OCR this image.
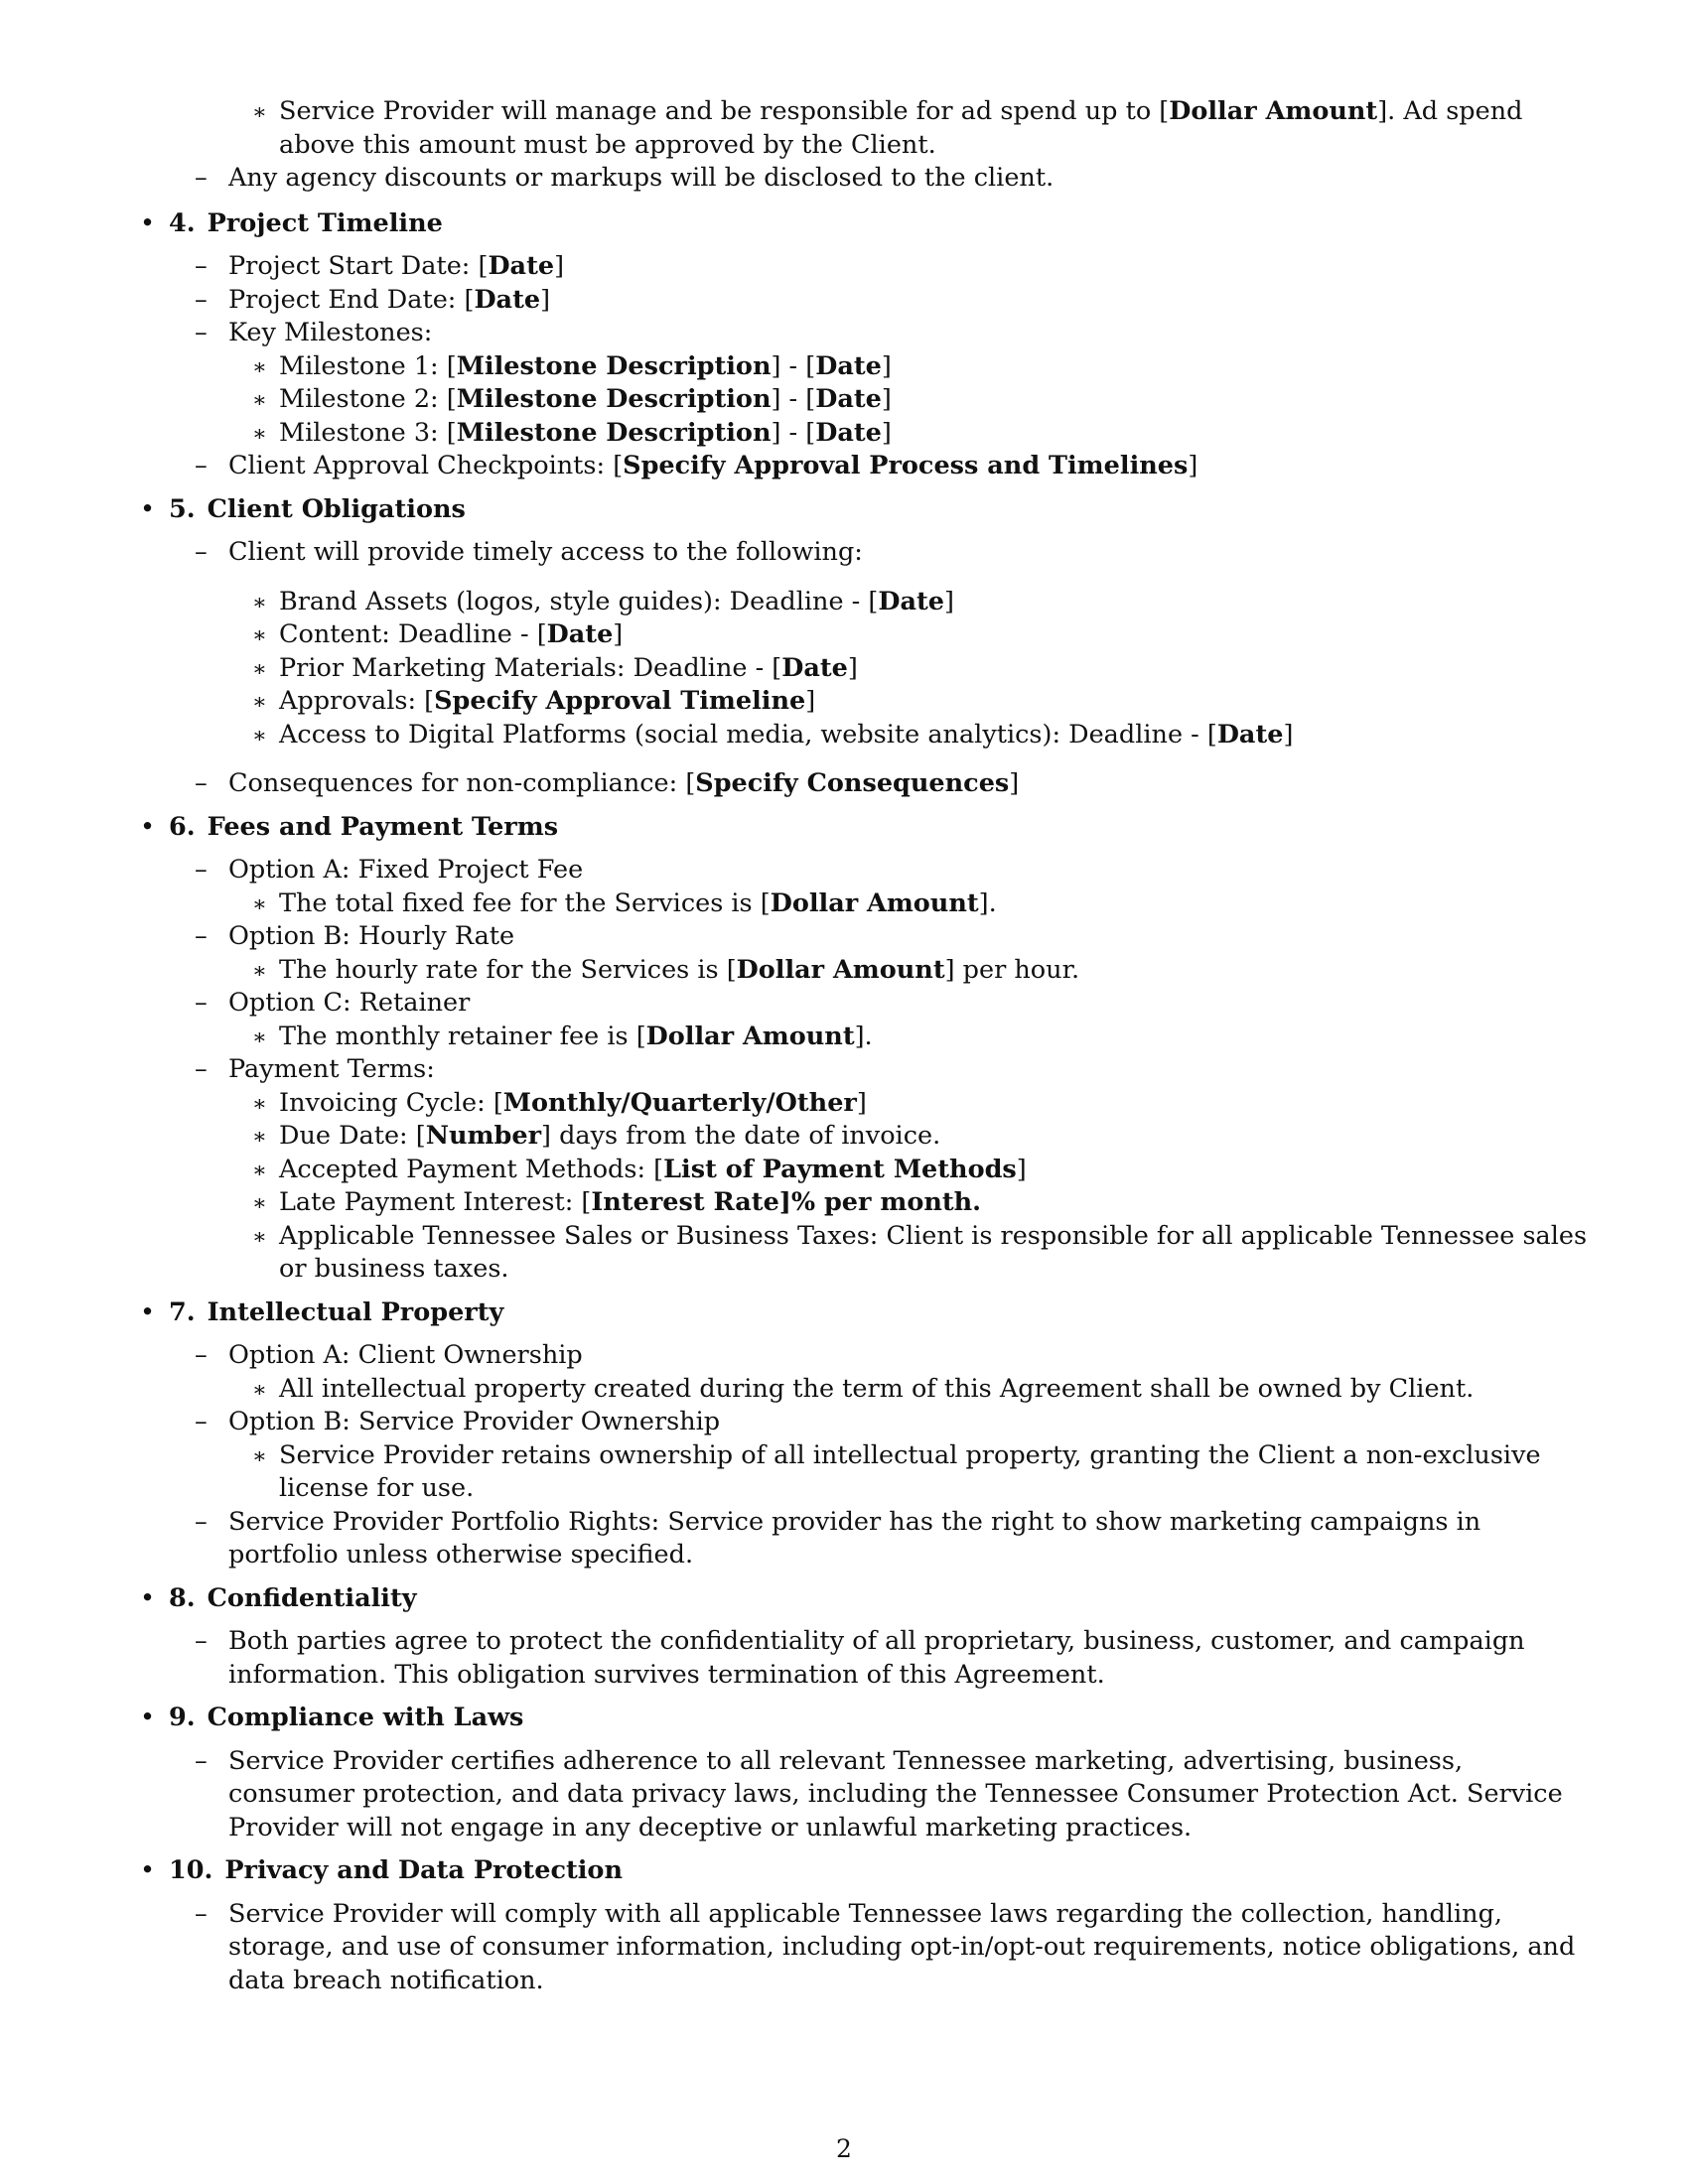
∗ Service Provider will manage and be responsible for ad spend up to [Dollar Amount]. Ad spend above this amount must be approved by the Client.
– Any agency discounts or markups will be disclosed to the client.
• 4. Project Timeline
– Project Start Date: [Date]
– Project End Date: [Date]
– Key Milestones:
∗ Milestone 1: [Milestone Description] - [Date]
∗ Milestone 2: [Milestone Description] - [Date]
∗ Milestone 3: [Milestone Description] - [Date]
– Client Approval Checkpoints: [Specify Approval Process and Timelines]
• 5. Client Obligations
– Client will provide timely access to the following:
∗ Brand Assets (logos, style guides): Deadline - [Date]
∗ Content: Deadline - [Date]
∗ Prior Marketing Materials: Deadline - [Date]
∗ Approvals: [Specify Approval Timeline]
∗ Access to Digital Platforms (social media, website analytics): Deadline - [Date]
– Consequences for non-compliance: [Specify Consequences]
• 6. Fees and Payment Terms
– Option A: Fixed Project Fee
∗ The total fixed fee for the Services is [Dollar Amount].
– Option B: Hourly Rate
∗ The hourly rate for the Services is [Dollar Amount] per hour.
– Option C: Retainer
∗ The monthly retainer fee is [Dollar Amount].
– Payment Terms:
∗ Invoicing Cycle: [Monthly/Quarterly/Other]
∗ Due Date: [Number] days from the date of invoice.
∗ Accepted Payment Methods: [List of Payment Methods]
∗ Late Payment Interest: [Interest Rate]% per month.
∗ Applicable Tennessee Sales or Business Taxes: Client is responsible for all applicable Tennessee sales or business taxes.
• 7. Intellectual Property
– Option A: Client Ownership
∗ All intellectual property created during the term of this Agreement shall be owned by Client.
– Option B: Service Provider Ownership
∗ Service Provider retains ownership of all intellectual property, granting the Client a non-exclusive license for use.
– Service Provider Portfolio Rights: Service provider has the right to show marketing campaigns in portfolio unless otherwise specified.
• 8. Confidentiality
– Both parties agree to protect the confidentiality of all proprietary, business, customer, and campaign information. This obligation survives termination of this Agreement.
• 9. Compliance with Laws
– Service Provider certifies adherence to all relevant Tennessee marketing, advertising, business, consumer protection, and data privacy laws, including the Tennessee Consumer Protection Act. Service Provider will not engage in any deceptive or unlawful marketing practices.
• 10. Privacy and Data Protection
– Service Provider will comply with all applicable Tennessee laws regarding the collection, handling, storage, and use of consumer information, including opt-in/opt-out requirements, notice obligations, and data breach notification.
2
